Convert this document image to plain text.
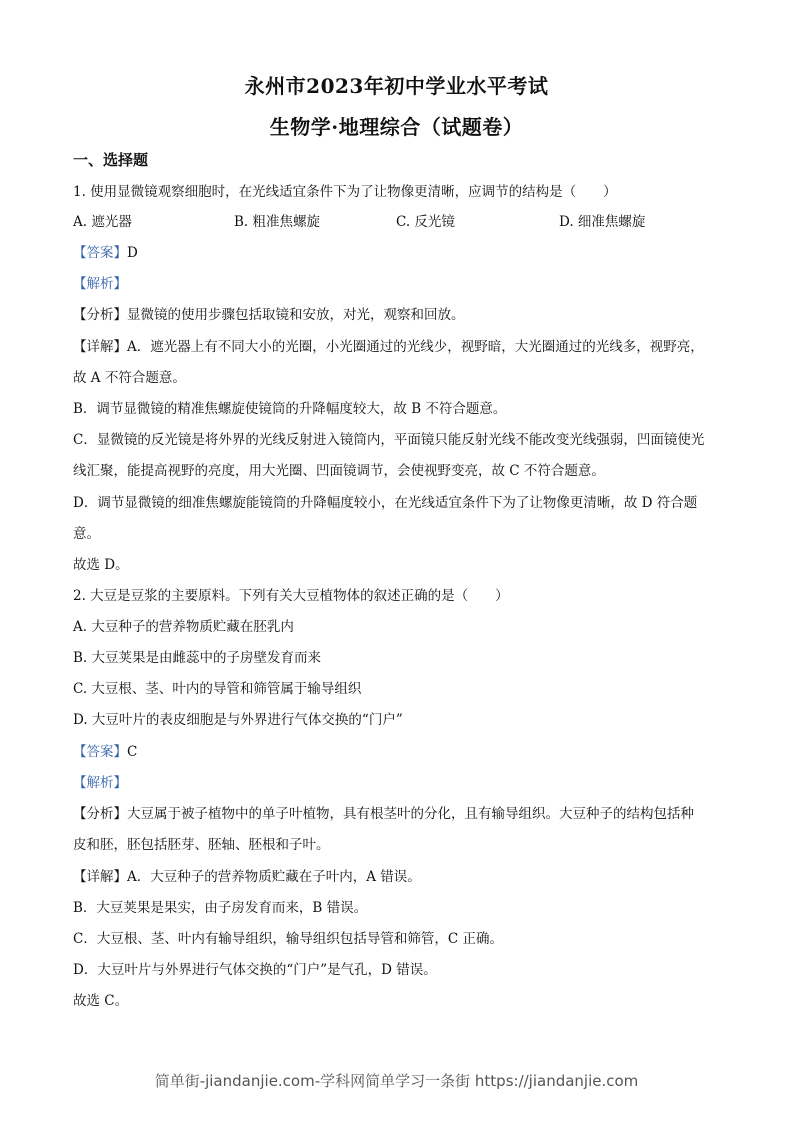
永州市2023年初中学业水平考试
生物学·地理综合（试题卷）
一、选择题
1. 使用显微镜观察细胞时，在光线适宜条件下为了让物像更清晰，应调节的结构是（　　）
A. 遮光器	B. 粗准焦螺旋	C. 反光镜	D. 细准焦螺旋
【答案】D
【解析】
【分析】显微镜的使用步骤包括取镜和安放，对光，观察和回放。
【详解】A．遮光器上有不同大小的光圈，小光圈通过的光线少，视野暗，大光圈通过的光线多，视野亮，
故 A 不符合题意。
B．调节显微镜的精准焦螺旋使镜筒的升降幅度较大，故 B 不符合题意。
C．显微镜的反光镜是将外界的光线反射进入镜筒内，平面镜只能反射光线不能改变光线强弱，凹面镜使光
线汇聚，能提高视野的亮度，用大光圈、凹面镜调节，会使视野变亮，故 C 不符合题意。
D．调节显微镜的细准焦螺旋能镜筒的升降幅度较小，在光线适宜条件下为了让物像更清晰，故 D 符合题
意。
故选 D。
2. 大豆是豆浆的主要原料。下列有关大豆植物体的叙述正确的是（　　）
A. 大豆种子的营养物质贮藏在胚乳内
B. 大豆荚果是由雌蕊中的子房壁发育而来
C. 大豆根、茎、叶内的导管和筛管属于输导组织
D. 大豆叶片的表皮细胞是与外界进行气体交换的“门户”
【答案】C
【解析】
【分析】大豆属于被子植物中的单子叶植物，具有根茎叶的分化，且有输导组织。大豆种子的结构包括种
皮和胚，胚包括胚芽、胚轴、胚根和子叶。
【详解】A．大豆种子的营养物质贮藏在子叶内，A 错误。
B．大豆荚果是果实，由子房发育而来，B 错误。
C．大豆根、茎、叶内有输导组织，输导组织包括导管和筛管，C 正确。
D．大豆叶片与外界进行气体交换的“门户”是气孔，D 错误。
故选 C。
简单街-jiandanjie.com-学科网简单学习一条街 https://jiandanjie.com
